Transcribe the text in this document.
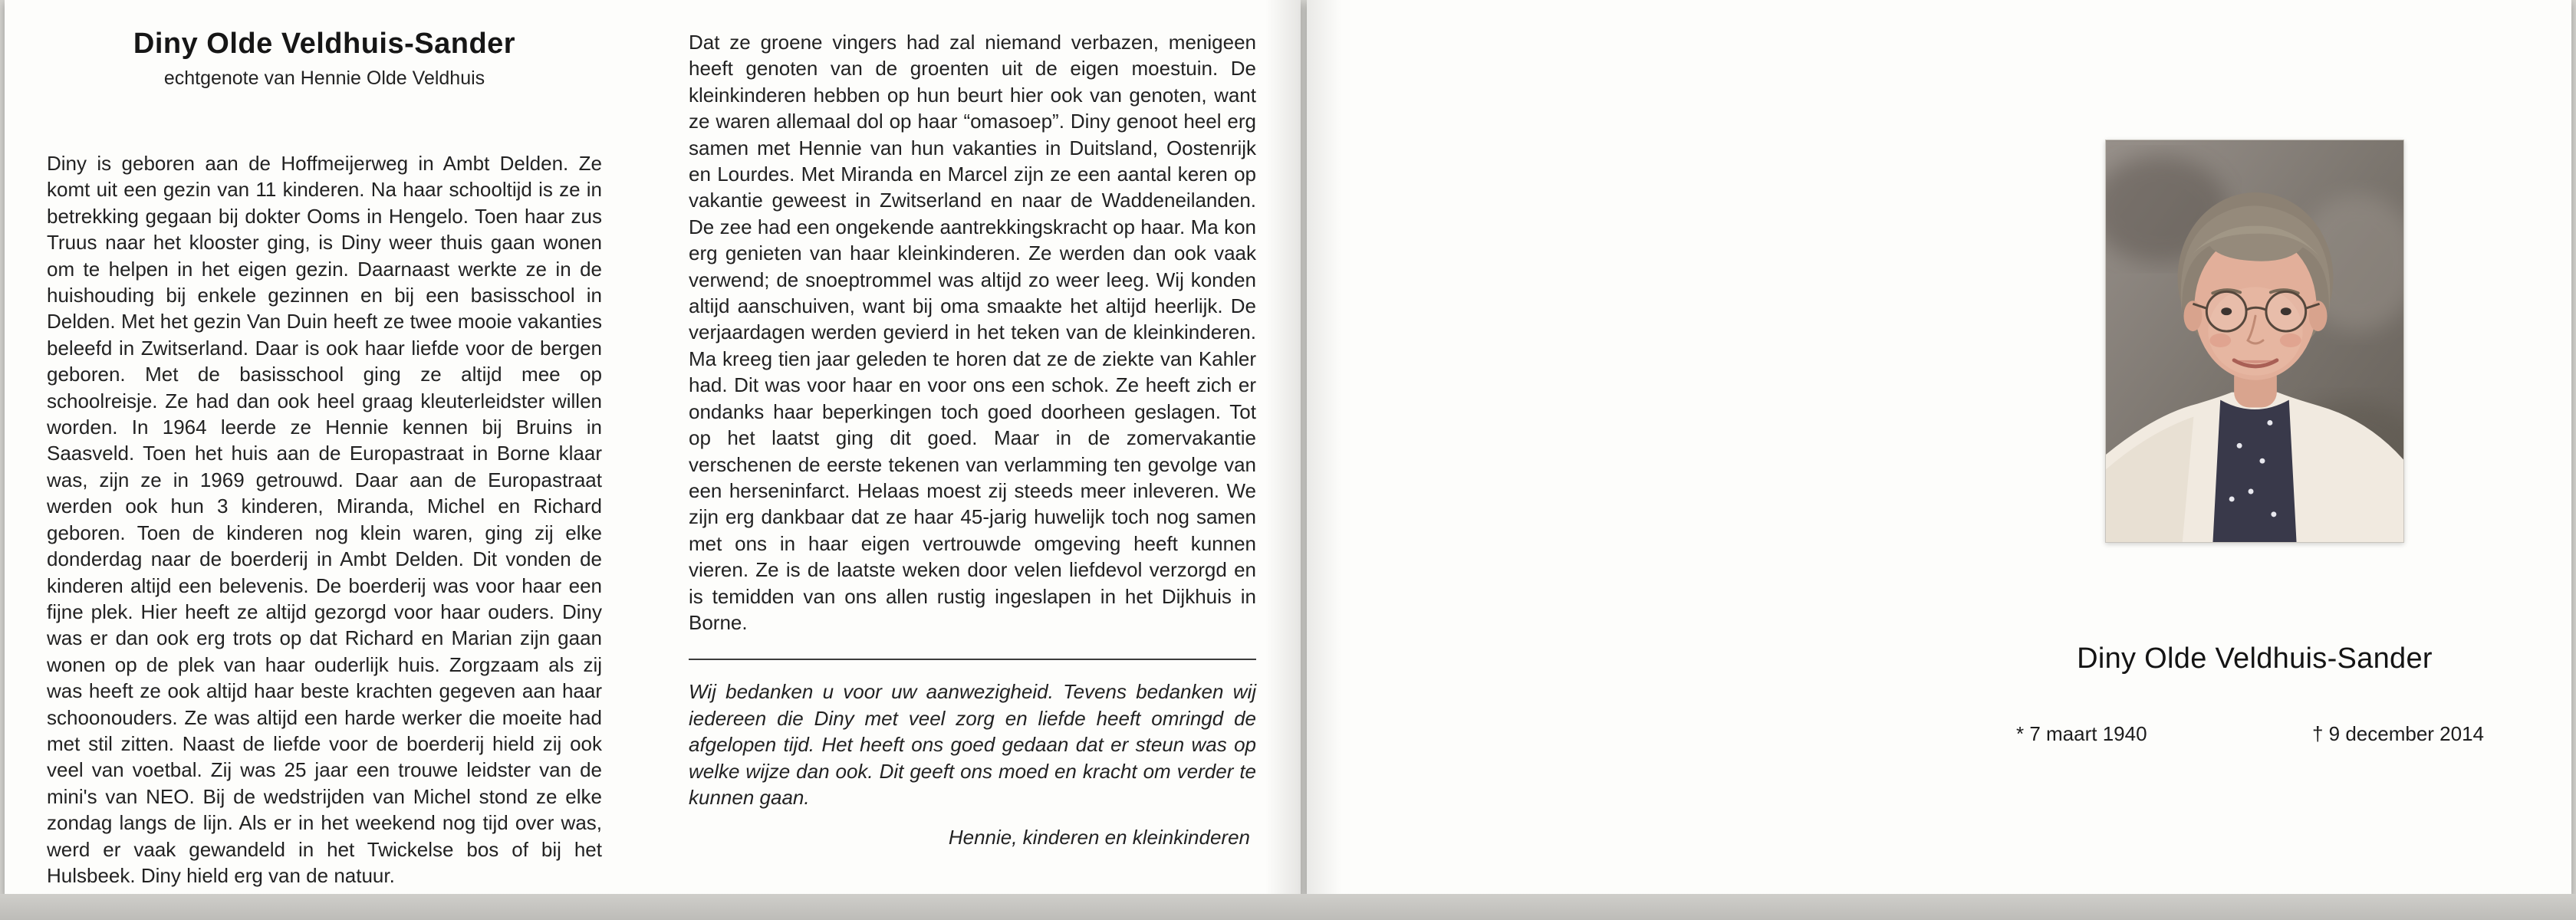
Diny Olde Veldhuis-Sander
echtgenote van Hennie Olde Veldhuis
Diny is geboren aan de Hoffmeijerweg in Ambt Delden. Ze komt uit een gezin van 11 kinderen. Na haar schooltijd is ze in betrekking gegaan bij dokter Ooms in Hengelo. Toen haar zus Truus naar het klooster ging, is Diny weer thuis gaan wonen om te helpen in het eigen gezin. Daarnaast werkte ze in de huishouding bij enkele gezinnen en bij een basisschool in Delden. Met het gezin Van Duin heeft ze twee mooie vakanties beleefd in Zwitserland. Daar is ook haar liefde voor de bergen geboren. Met de basisschool ging ze altijd mee op schoolreisje. Ze had dan ook heel graag kleuterleidster willen worden. In 1964 leerde ze Hennie kennen bij Bruins in Saasveld. Toen het huis aan de Europastraat in Borne klaar was, zijn ze in 1969 getrouwd. Daar aan de Europastraat werden ook hun 3 kinderen, Miranda, Michel en Richard geboren. Toen de kinderen nog klein waren, ging zij elke donderdag naar de boerderij in Ambt Delden. Dit vonden de kinderen altijd een belevenis. De boerderij was voor haar een fijne plek. Hier heeft ze altijd gezorgd voor haar ouders. Diny was er dan ook erg trots op dat Richard en Marian zijn gaan wonen op de plek van haar ouderlijk huis. Zorgzaam als zij was heeft ze ook altijd haar beste krachten gegeven aan haar schoonouders. Ze was altijd een harde werker die moeite had met stil zitten. Naast de liefde voor de boerderij hield zij ook veel van voetbal. Zij was 25 jaar een trouwe leidster van de mini's van NEO. Bij de wedstrijden van Michel stond ze elke zondag langs de lijn. Als er in het weekend nog tijd over was, werd er vaak gewandeld in het Twickelse bos of bij het Hulsbeek. Diny hield erg van de natuur.
Dat ze groene vingers had zal niemand verbazen, menigeen heeft genoten van de groenten uit de eigen moestuin. De kleinkinderen hebben op hun beurt hier ook van genoten, want ze waren allemaal dol op haar “omasoep”. Diny genoot heel erg samen met Hennie van hun vakanties in Duitsland, Oostenrijk en Lourdes. Met Miranda en Marcel zijn ze een aantal keren op vakantie geweest in Zwitserland en naar de Waddeneilanden. De zee had een ongekende aantrekkingskracht op haar. Ma kon erg genieten van haar kleinkinderen. Ze werden dan ook vaak verwend; de snoeptrommel was altijd zo weer leeg. Wij konden altijd aanschuiven, want bij oma smaakte het altijd heerlijk. De verjaardagen werden gevierd in het teken van de kleinkinderen. Ma kreeg tien jaar geleden te horen dat ze de ziekte van Kahler had. Dit was voor haar en voor ons een schok. Ze heeft zich er ondanks haar beperkingen toch goed doorheen geslagen. Tot op het laatst ging dit goed. Maar in de zomervakantie verschenen de eerste tekenen van verlamming ten gevolge van een herseninfarct. Helaas moest zij steeds meer inleveren. We zijn erg dankbaar dat ze haar 45-jarig huwelijk toch nog samen met ons in haar eigen vertrouwde omgeving heeft kunnen vieren. Ze is de laatste weken door velen liefdevol verzorgd en is temidden van ons allen rustig ingeslapen in het Dijkhuis in Borne.
Wij bedanken u voor uw aanwezigheid. Tevens bedanken wij iedereen die Diny met veel zorg en liefde heeft omringd de afgelopen tijd. Het heeft ons goed gedaan dat er steun was op welke wijze dan ook. Dit geeft ons moed en kracht om verder te kunnen gaan.
Hennie, kinderen en kleinkinderen
Diny Olde Veldhuis-Sander
* 7 maart 1940	† 9 december 2014
